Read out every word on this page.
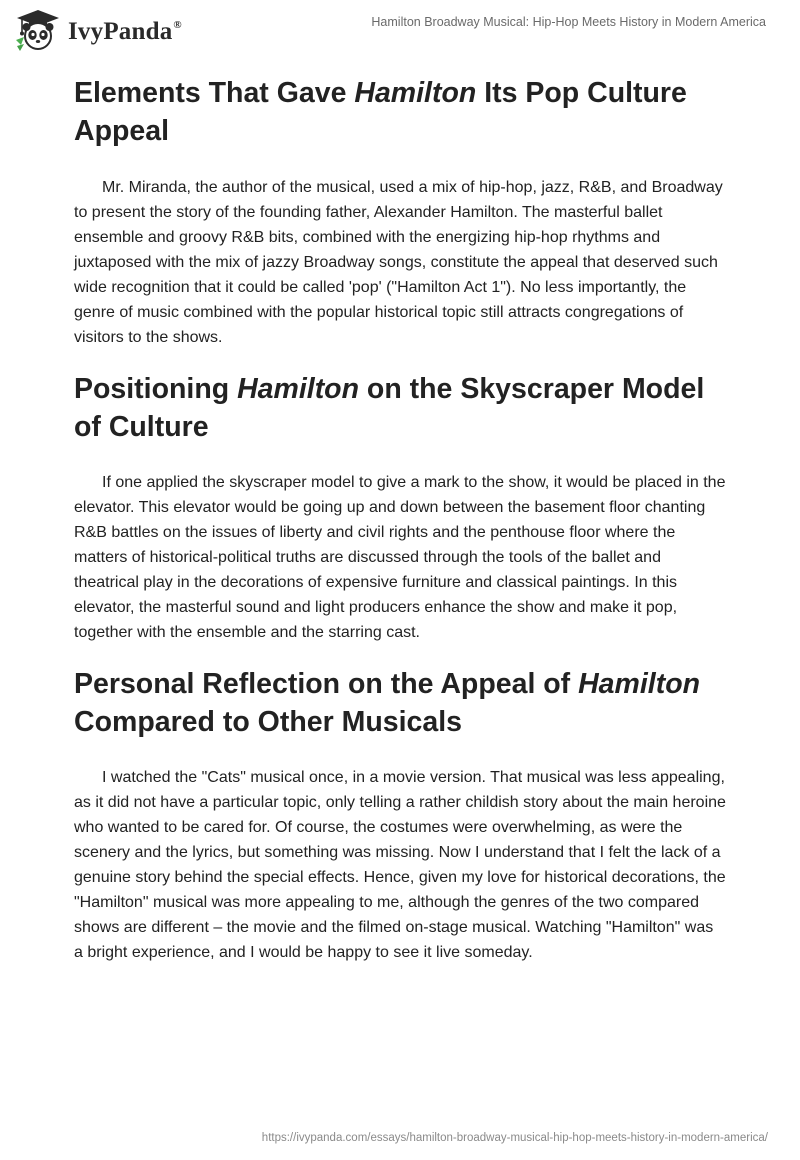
IvyPanda®	Hamilton Broadway Musical: Hip-Hop Meets History in Modern America
Elements That Gave Hamilton Its Pop Culture Appeal

Mr. Miranda, the author of the musical, used a mix of hip-hop, jazz, R&B, and Broadway to present the story of the founding father, Alexander Hamilton. The masterful ballet ensemble and groovy R&B bits, combined with the energizing hip-hop rhythms and juxtaposed with the mix of jazzy Broadway songs, constitute the appeal that deserved such wide recognition that it could be called 'pop' ("Hamilton Act 1"). No less importantly, the genre of music combined with the popular historical topic still attracts congregations of visitors to the shows.

Positioning Hamilton on the Skyscraper Model of Culture

If one applied the skyscraper model to give a mark to the show, it would be placed in the elevator. This elevator would be going up and down between the basement floor chanting R&B battles on the issues of liberty and civil rights and the penthouse floor where the matters of historical-political truths are discussed through the tools of the ballet and theatrical play in the decorations of expensive furniture and classical paintings. In this elevator, the masterful sound and light producers enhance the show and make it pop, together with the ensemble and the starring cast.

Personal Reflection on the Appeal of Hamilton Compared to Other Musicals

I watched the "Cats" musical once, in a movie version. That musical was less appealing, as it did not have a particular topic, only telling a rather childish story about the main heroine who wanted to be cared for. Of course, the costumes were overwhelming, as were the scenery and the lyrics, but something was missing. Now I understand that I felt the lack of a genuine story behind the special effects. Hence, given my love for historical decorations, the "Hamilton" musical was more appealing to me, although the genres of the two compared shows are different – the movie and the filmed on-stage musical. Watching "Hamilton" was a bright experience, and I would be happy to see it live someday.

https://ivypanda.com/essays/hamilton-broadway-musical-hip-hop-meets-history-in-modern-america/
